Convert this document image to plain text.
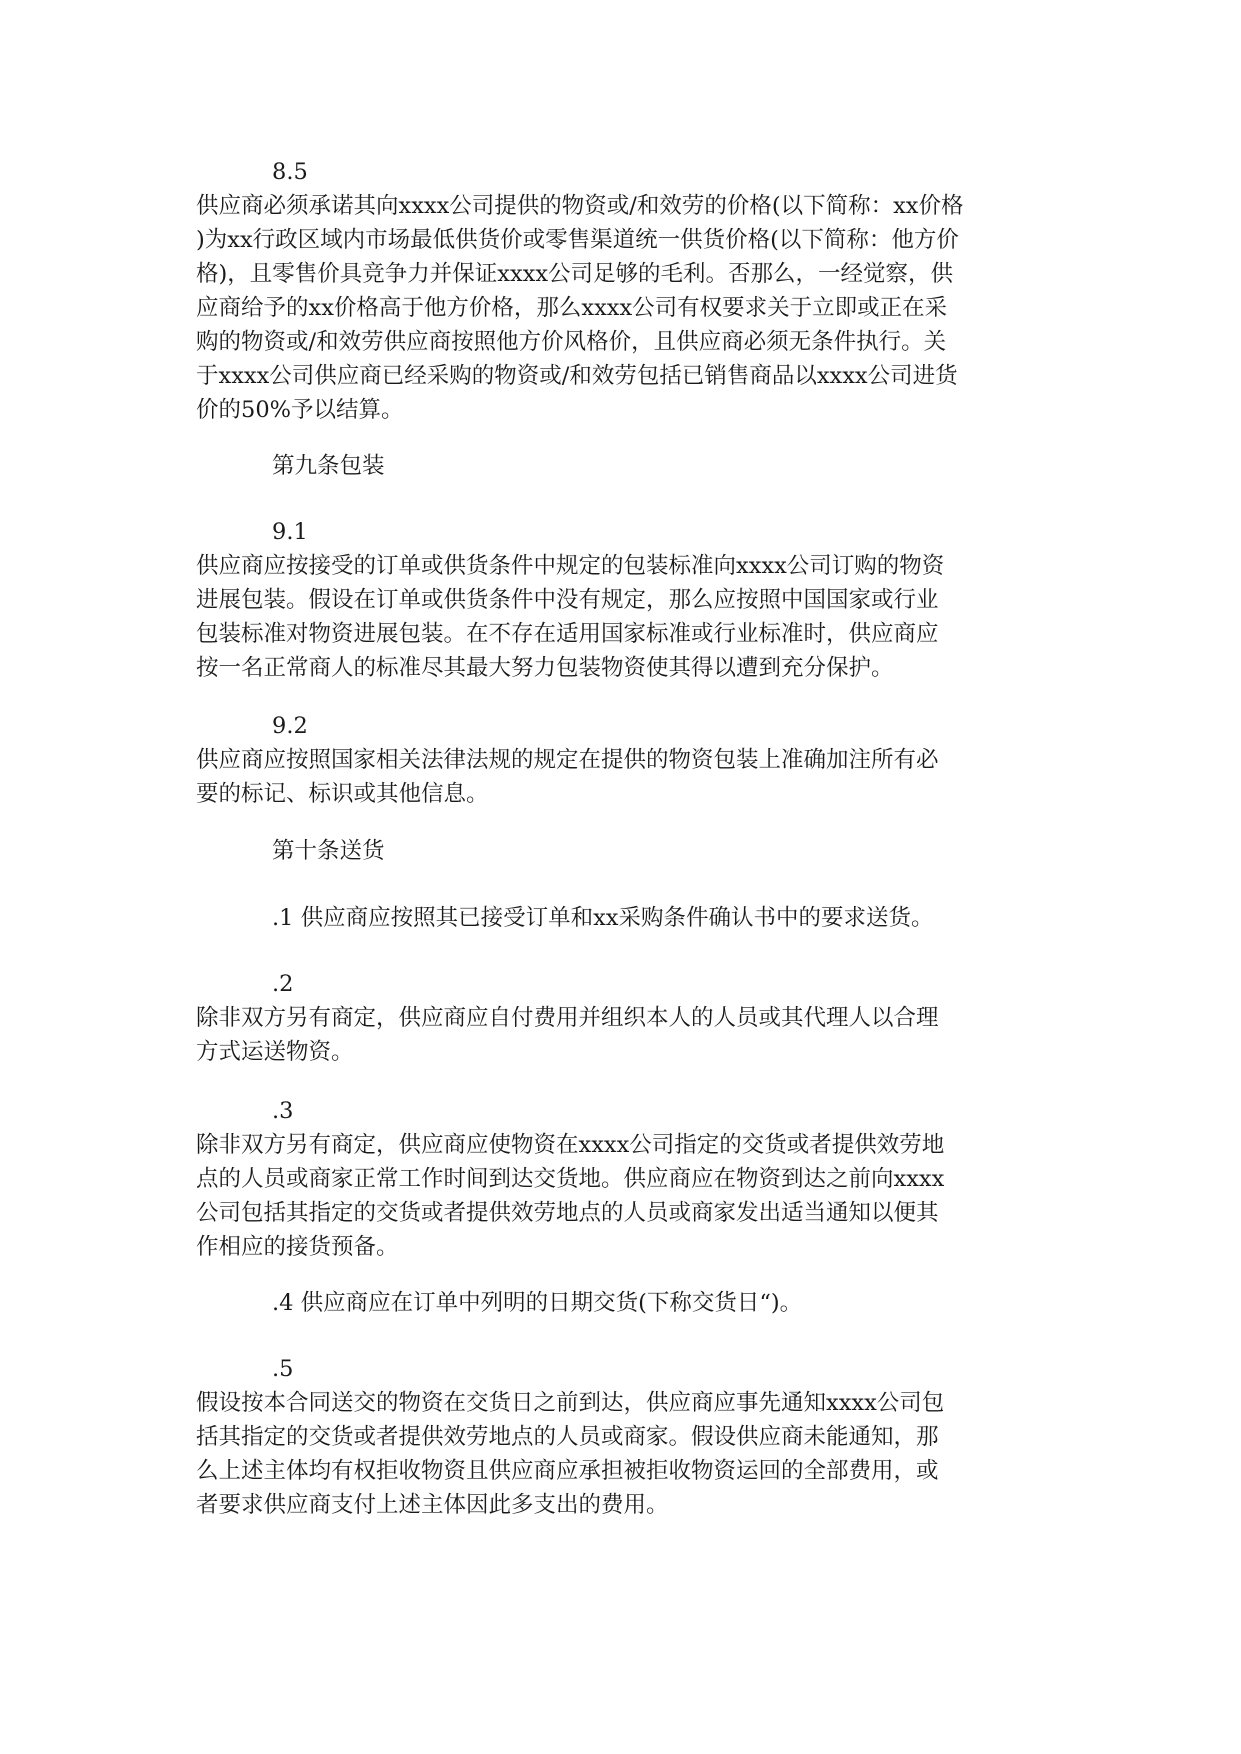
8.5
供应商必须承诺其向xxxx公司提供的物资或/和效劳的价格(以下简称：xx价格
)为xx行政区域内市场最低供货价或零售渠道统一供货价格(以下简称：他方价
格)，且零售价具竞争力并保证xxxx公司足够的毛利。否那么，一经觉察，供
应商给予的xx价格高于他方价格，那么xxxx公司有权要求关于立即或正在采
购的物资或/和效劳供应商按照他方价风格价，且供应商必须无条件执行。关
于xxxx公司供应商已经采购的物资或/和效劳包括已销售商品以xxxx公司进货
价的50%予以结算。
第九条包装
9.1
供应商应按接受的订单或供货条件中规定的包装标准向xxxx公司订购的物资
进展包装。假设在订单或供货条件中没有规定，那么应按照中国国家或行业
包装标准对物资进展包装。在不存在适用国家标准或行业标准时，供应商应
按一名正常商人的标准尽其最大努力包装物资使其得以遭到充分保护。
9.2
供应商应按照国家相关法律法规的规定在提供的物资包装上准确加注所有必
要的标记、标识或其他信息。
第十条送货
.1 供应商应按照其已接受订单和xx采购条件确认书中的要求送货。
.2
除非双方另有商定，供应商应自付费用并组织本人的人员或其代理人以合理
方式运送物资。
.3
除非双方另有商定，供应商应使物资在xxxx公司指定的交货或者提供效劳地
点的人员或商家正常工作时间到达交货地。供应商应在物资到达之前向xxxx
公司包括其指定的交货或者提供效劳地点的人员或商家发出适当通知以便其
作相应的接货预备。
.4 供应商应在订单中列明的日期交货(下称交货日“)。
.5
假设按本合同送交的物资在交货日之前到达，供应商应事先通知xxxx公司包
括其指定的交货或者提供效劳地点的人员或商家。假设供应商未能通知，那
么上述主体均有权拒收物资且供应商应承担被拒收物资运回的全部费用，或
者要求供应商支付上述主体因此多支出的费用。
